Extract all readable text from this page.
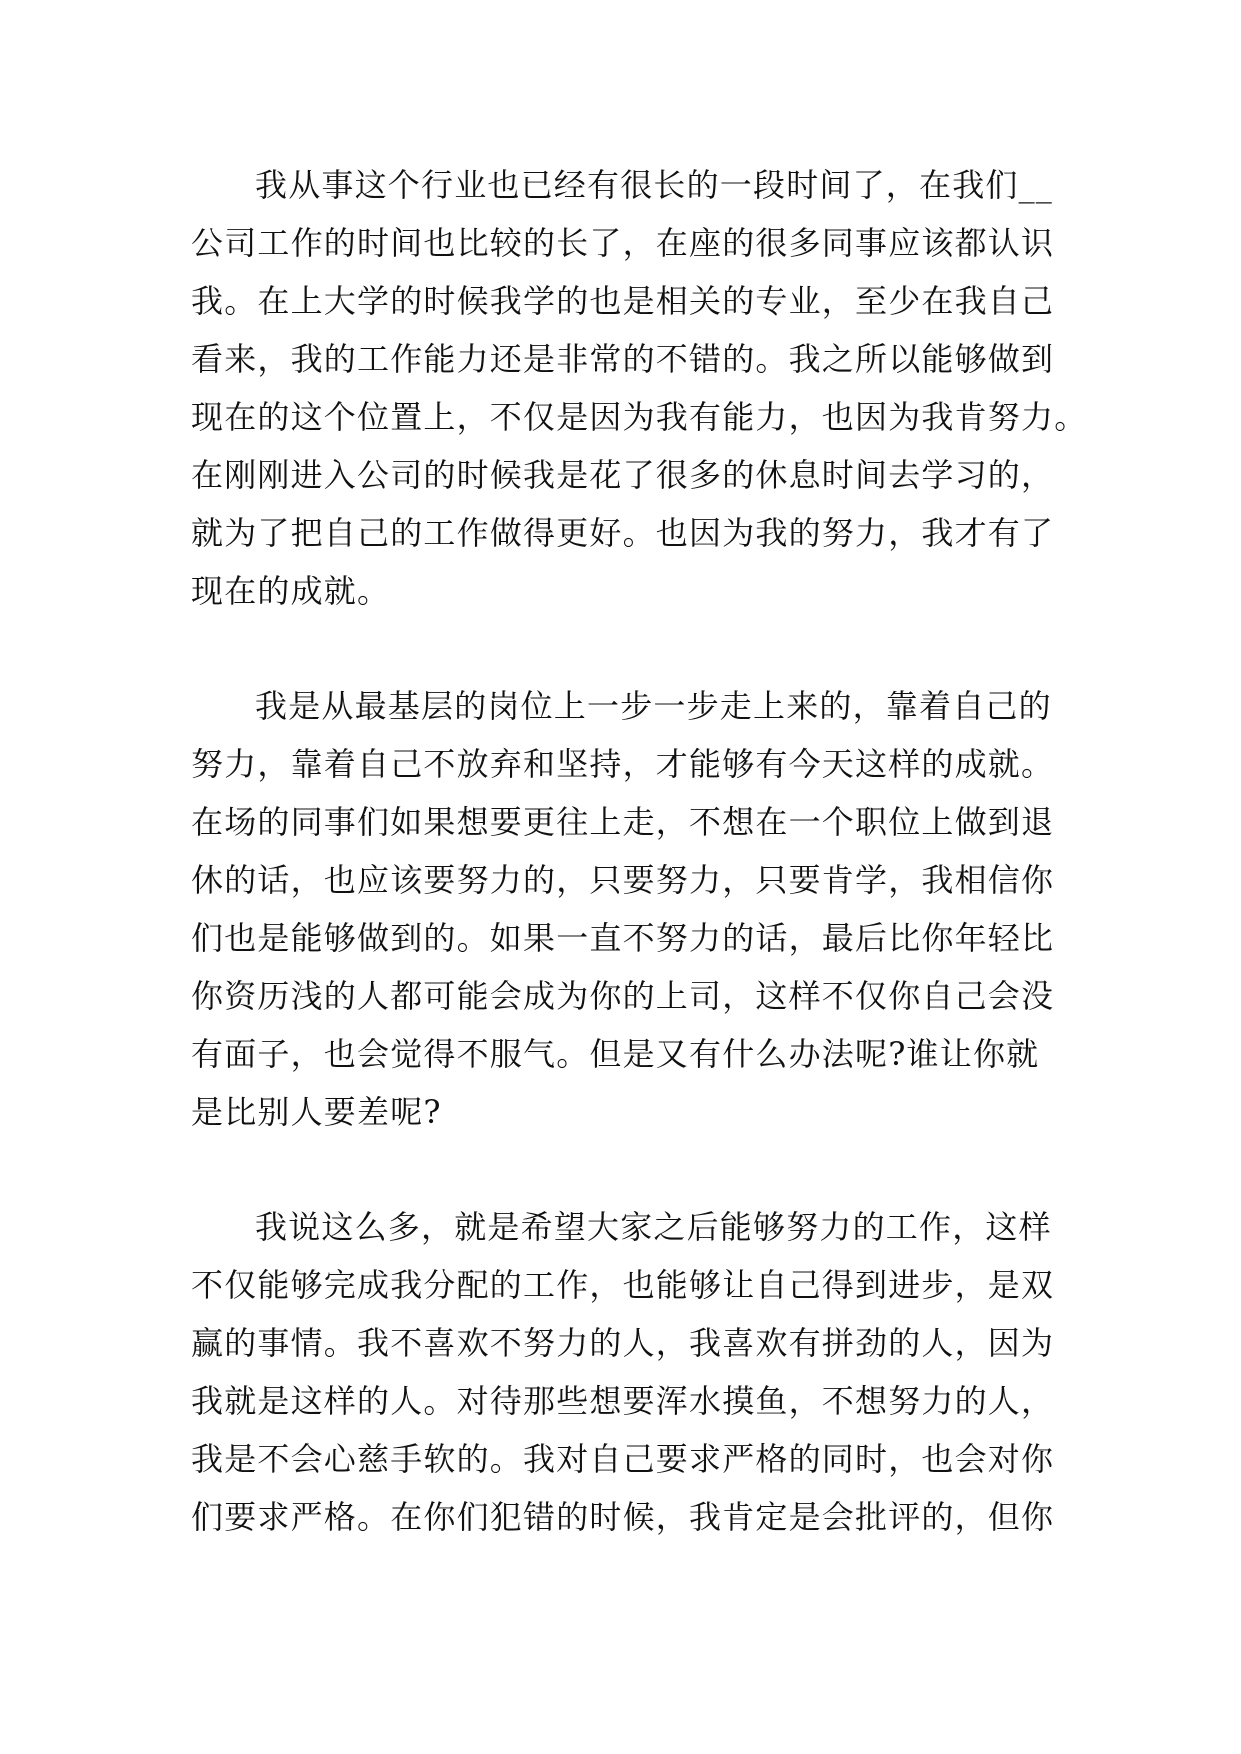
我从事这个行业也已经有很长的一段时间了，在我们__
公司工作的时间也比较的长了，在座的很多同事应该都认识
我。在上大学的时候我学的也是相关的专业，至少在我自己
看来，我的工作能力还是非常的不错的。我之所以能够做到
现在的这个位置上，不仅是因为我有能力，也因为我肯努力。
在刚刚进入公司的时候我是花了很多的休息时间去学习的，
就为了把自己的工作做得更好。也因为我的努力，我才有了
现在的成就。
我是从最基层的岗位上一步一步走上来的，靠着自己的
努力，靠着自己不放弃和坚持，才能够有今天这样的成就。
在场的同事们如果想要更往上走，不想在一个职位上做到退
休的话，也应该要努力的，只要努力，只要肯学，我相信你
们也是能够做到的。如果一直不努力的话，最后比你年轻比
你资历浅的人都可能会成为你的上司，这样不仅你自己会没
有面子，也会觉得不服气。但是又有什么办法呢?谁让你就
是比别人要差呢?
我说这么多，就是希望大家之后能够努力的工作，这样
不仅能够完成我分配的工作，也能够让自己得到进步，是双
赢的事情。我不喜欢不努力的人，我喜欢有拼劲的人，因为
我就是这样的人。对待那些想要浑水摸鱼，不想努力的人，
我是不会心慈手软的。我对自己要求严格的同时，也会对你
们要求严格。在你们犯错的时候，我肯定是会批评的，但你
